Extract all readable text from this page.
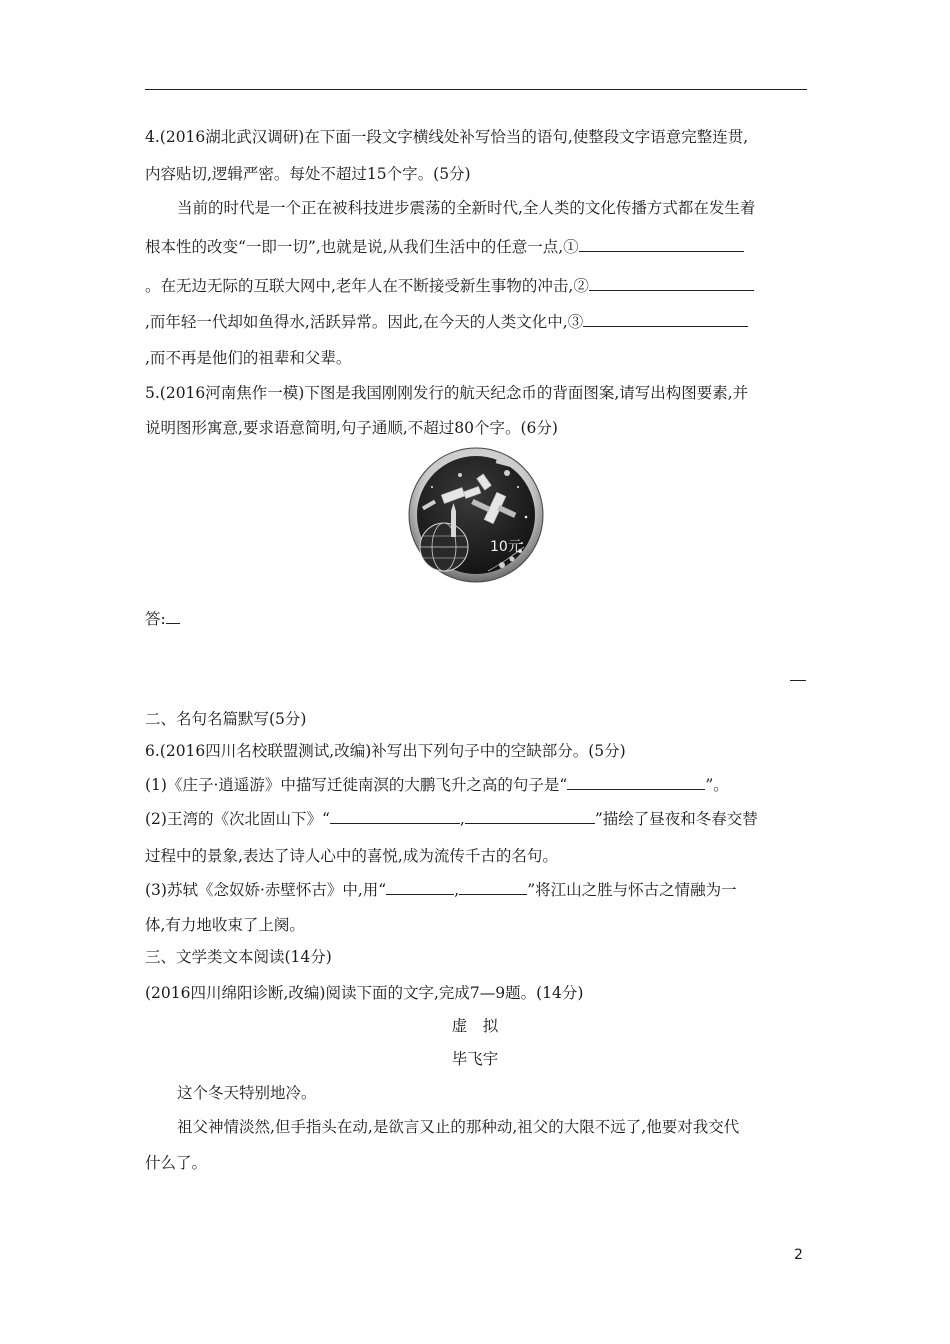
4.(2016湖北武汉调研)在下面一段文字横线处补写恰当的语句,使整段文字语意完整连贯,
内容贴切,逻辑严密。每处不超过15个字。(5分)
当前的时代是一个正在被科技进步震荡的全新时代,全人类的文化传播方式都在发生着
根本性的改变“一即一切”,也就是说,从我们生活中的任意一点,①
。在无边无际的互联大网中,老年人在不断接受新生事物的冲击,②
,而年轻一代却如鱼得水,活跃异常。因此,在今天的人类文化中,③
,而不再是他们的祖辈和父辈。
5.(2016河南焦作一模)下图是我国刚刚发行的航天纪念币的背面图案,请写出构图要素,并
说明图形寓意,要求语意简明,句子通顺,不超过80个字。(6分)
10元
答:
二、名句名篇默写(5分)
6.(2016四川名校联盟测试,改编)补写出下列句子中的空缺部分。(5分)
(1)《庄子·逍遥游》中描写迁徙南溟的大鹏飞升之高的句子是“	”。
(2)王湾的《次北固山下》“	,	”描绘了昼夜和冬春交替
过程中的景象,表达了诗人心中的喜悦,成为流传千古的名句。
(3)苏轼《念奴娇·赤壁怀古》中,用“	,	”将江山之胜与怀古之情融为一
体,有力地收束了上阕。
三、文学类文本阅读(14分)
(2016四川绵阳诊断,改编)阅读下面的文字,完成7—9题。(14分)
虚　拟
毕飞宇
这个冬天特别地冷。
祖父神情淡然,但手指头在动,是欲言又止的那种动,祖父的大限不远了,他要对我交代
什么了。
2
